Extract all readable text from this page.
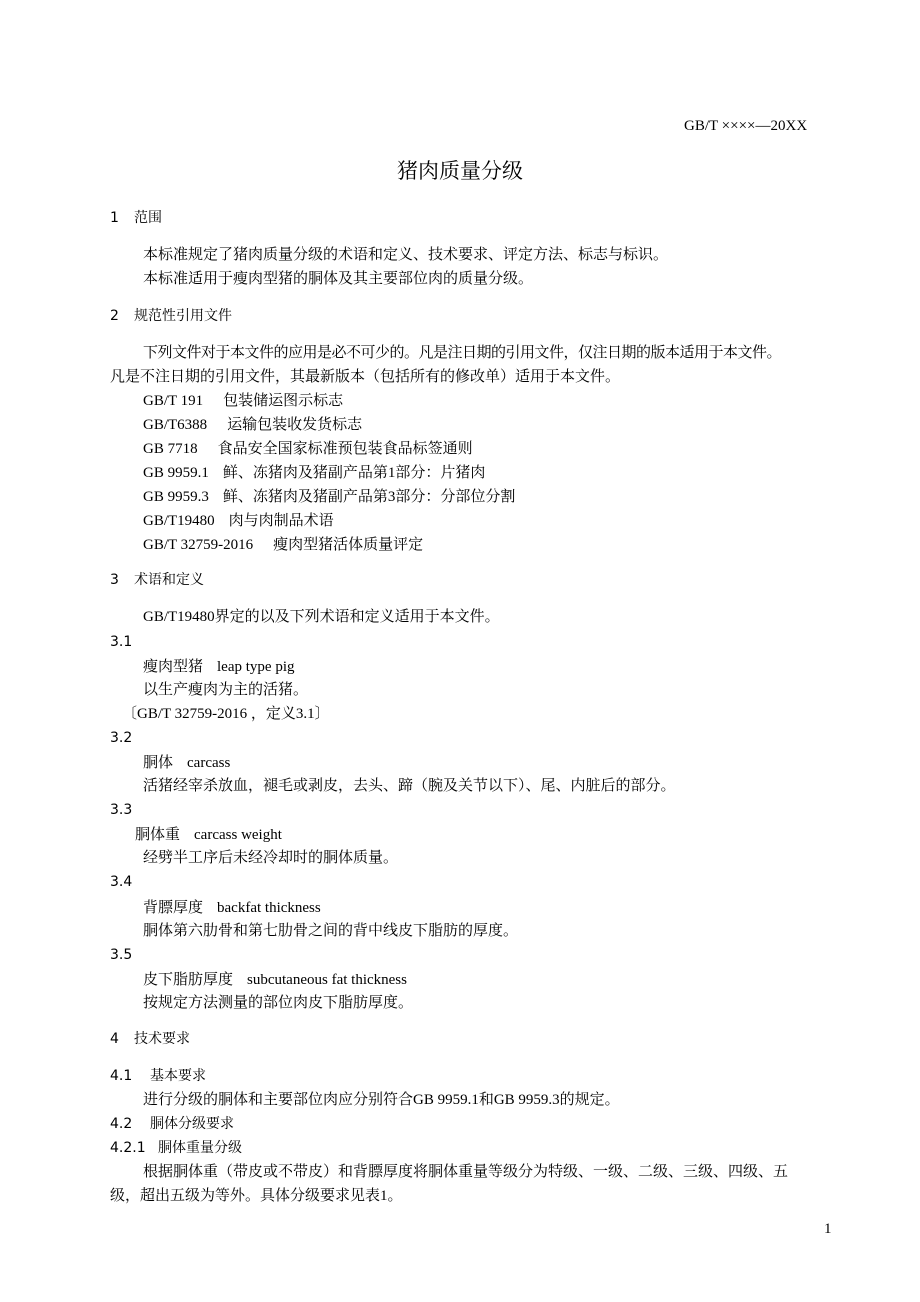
GB/T ××××—20XX
猪肉质量分级
1 范围
本标准规定了猪肉质量分级的术语和定义、技术要求、评定方法、标志与标识。
本标准适用于瘦肉型猪的胴体及其主要部位肉的质量分级。
2 规范性引用文件
下列文件对于本文件的应用是必不可少的。凡是注日期的引用文件，仅注日期的版本适用于本文件。
凡是不注日期的引用文件，其最新版本（包括所有的修改单）适用于本文件。
GB/T 191 包装储运图示标志
GB/T6388 运输包装收发货标志
GB 7718 食品安全国家标准预包装食品标签通则
GB 9959.1 鲜、冻猪肉及猪副产品第1部分：片猪肉
GB 9959.3 鲜、冻猪肉及猪副产品第3部分：分部位分割
GB/T19480 肉与肉制品术语
GB/T 32759-2016 瘦肉型猪活体质量评定
3 术语和定义
GB/T19480界定的以及下列术语和定义适用于本文件。
3.1
瘦肉型猪 leap type pig
以生产瘦肉为主的活猪。
〔GB/T 32759-2016 ，定义3.1〕
3.2
胴体 carcass
活猪经宰杀放血，褪毛或剥皮，去头、蹄（腕及关节以下）、尾、内脏后的部分。
3.3
胴体重 carcass weight
经劈半工序后未经冷却时的胴体质量。
3.4
背膘厚度 backfat thickness
胴体第六肋骨和第七肋骨之间的背中线皮下脂肪的厚度。
3.5
皮下脂肪厚度 subcutaneous fat thickness
按规定方法测量的部位肉皮下脂肪厚度。
4 技术要求
4.1 基本要求
进行分级的胴体和主要部位肉应分别符合GB 9959.1和GB 9959.3的规定。
4.2 胴体分级要求
4.2.1 胴体重量分级
根据胴体重（带皮或不带皮）和背膘厚度将胴体重量等级分为特级、一级、二级、三级、四级、五
级，超出五级为等外。具体分级要求见表1。
1
